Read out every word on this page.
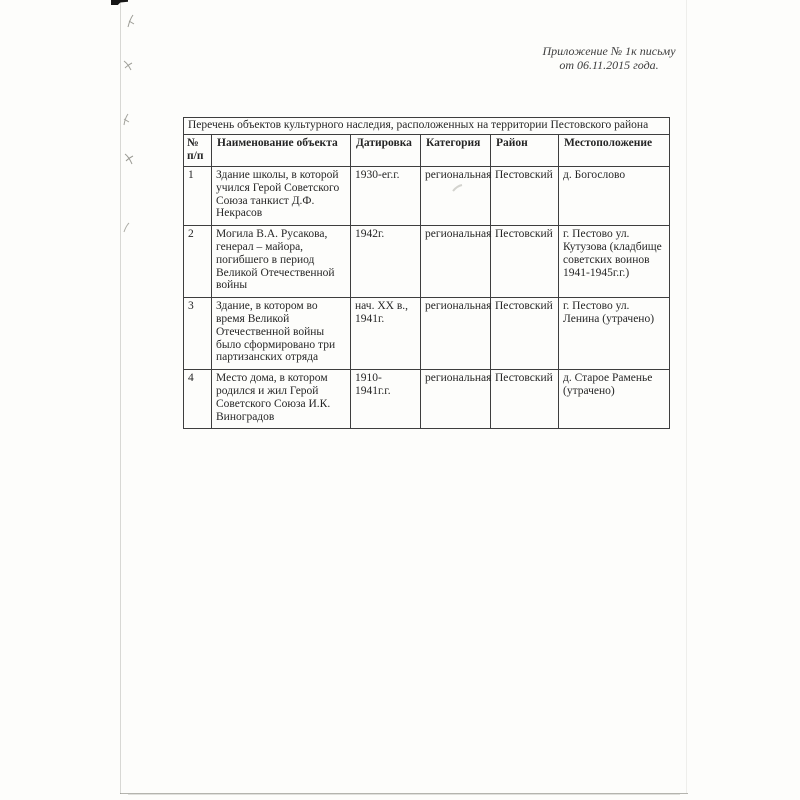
Приложение № 1к письму
от 06.11.2015 года.
Перечень объектов культурного наследия, расположенных на территории Пестовского района					
№ п/п	Наименование объекта	Датировка	Категория	Район	Местоположение
1	Здание школы, в которой учился Герой Советского Союза танкист Д.Ф. Некрасов	1930-ег.г.	региональная	Пестовский	д. Богослово
2	Могила В.А. Русакова, генерал – майора, погибшего в период Великой Отечественной войны	1942г.	региональная	Пестовский	г. Пестово ул. Кутузова (кладбище советских воинов 1941-1945г.г.)
3	Здание, в котором во время Великой Отечественной войны было сформировано три партизанских отряда	нач. XX в., 1941г.	региональная	Пестовский	г. Пестово ул. Ленина (утрачено)
4	Место дома, в котором родился и жил Герой Советского Союза И.К. Виноградов	1910-1941г.г.	региональная	Пестовский	д. Старое Раменье (утрачено)
